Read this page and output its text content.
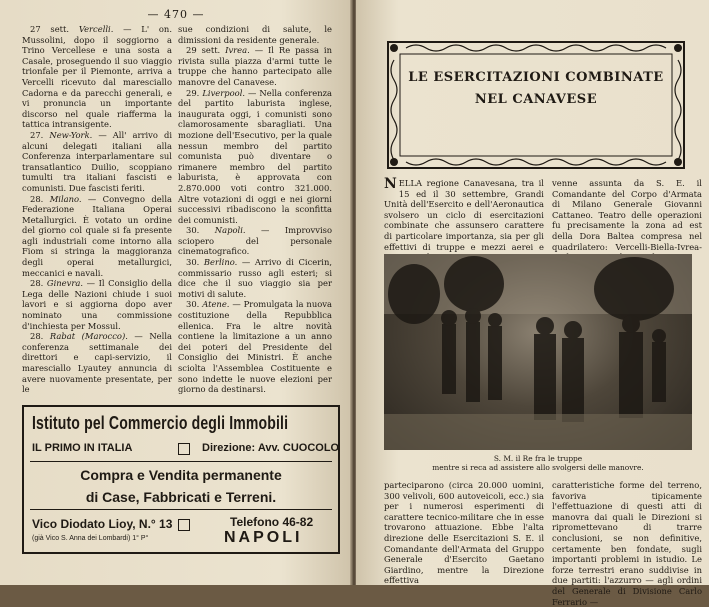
— 470 —

27 sett. Vercelli. — L' on. Mussolini, dopo il soggiorno a Trino Vercellese e una sosta a Casale, proseguendo il suo viaggio trionfale per il Piemonte, arriva a Vercelli ricevuto dal maresciallo Cadorna e da parecchi generali, e vi pronuncia un importante discorso nel quale riafferma la tattica intransigente.

27. New-York. — All' arrivo di alcuni delegati italiani alla Conferenza interparlamentare sul transatlantico Duilio, scoppiano tumulti tra italiani fascisti e comunisti. Due fascisti feriti.

28. Milano. — Convegno della Federazione Italiana Operai Metallurgici. È votato un ordine del giorno col quale si fa presente agli industriali come intorno alla Fiom si stringa la maggioranza degli operai metallurgici, meccanici e navali.

28. Ginevra. — Il Consiglio della Lega delle Nazioni chiude i suoi lavori e si aggiorna dopo aver nominato una commissione d'inchiesta per Mossul.

28. Rabat (Marocco). — Nella conferenza settimanale dei direttori e capi-servizio, il maresciallo Lyautey annuncia di avere nuovamente presentate, per le

sue condizioni di salute, le dimissioni da residente generale.

29 sett. Ivrea. — Il Re passa in rivista sulla piazza d'armi tutte le truppe che hanno partecipato alle manovre del Canavese.

29. Liverpool. — Nella conferenza del partito laburista inglese, inaugurata oggi, i comunisti sono clamorosamente sbaragliati. Una mozione dell'Esecutivo, per la quale nessun membro del partito comunista può diventare o rimanere membro del partito laburista, è approvata con 2.870.000 voti contro 321.000. Altre votazioni di oggi e nei giorni successivi ribadiscono la sconfitta dei comunisti.

30. Napoli. — Improvviso sciopero del personale cinematografico.

30. Berlino. — Arrivo di Cicerin, commissario russo agli esteri; si dice che il suo viaggio sia per motivi di salute.

30. Atene. — Promulgata la nuova costituzione della Repubblica ellenica. Fra le altre novità contiene la limitazione a un anno dei poteri del Presidente del Consiglio dei Ministri. È anche sciolta l'Assemblea Costituente e sono indette le nuove elezioni per giorno da destinarsi.

Istituto pel Commercio degli Immobili
IL PRIMO IN ITALIA	Direzione: Avv. CUOCOLO
Compra e Vendita permanente
di Case, Fabbricati e Terreni.
Vico Diodato Lioy, N.° 13
(già Vico S. Anna dei Lombardi) 1° P°
Telefono 46-82
NAPOLI
LE ESERCITAZIONI COMBINATE
NEL CANAVESE
NELLA regione Canavesana, tra il 15 ed il 30 settembre, Grandi Unità dell'Esercito e dell'Aeronautica svolsero un ciclo di esercitazioni combinate che assunsero carattere di particolare importanza, sia per gli effettivi di truppe e mezzi aerei e
venne assunta da S. E. il Comandante del Corpo d'Armata di Milano Generale Giovanni Cattaneo. Teatro delle operazioni fu precisamente la zona ad est della Dora Baltea compresa nel quadrilatero: Vercelli-Biella-Ivrea-
S. M. il Re fra le truppe
mentre si reca ad assistere allo svolgersi delle manovre.
parteciparono (circa 20.000 uomini, 300 velivoli, 600 autoveicoli, ecc.) sia per i numerosi esperimenti di carattere tecnico-militare che in esse trovarono attuazione. Ebbe l'alta direzione delle Esercitazioni S. E. il Comandante dell'Armata del Gruppo Generale d'Esercito Gaetano Giardino, mentre la Direzione effettiva
caratteristiche forme del terreno, favoriva tipicamente l'effettuazione di questi atti di manovra dai quali le Direzioni si ripromettevano di trarre conclusioni, se non definitive, certamente ben fondate, sugli importanti problemi in istudio. Le forze terrestri erano suddivise in due partiti: l'azzurro — agli ordini del Generale di Divisione Carlo Ferrario —
